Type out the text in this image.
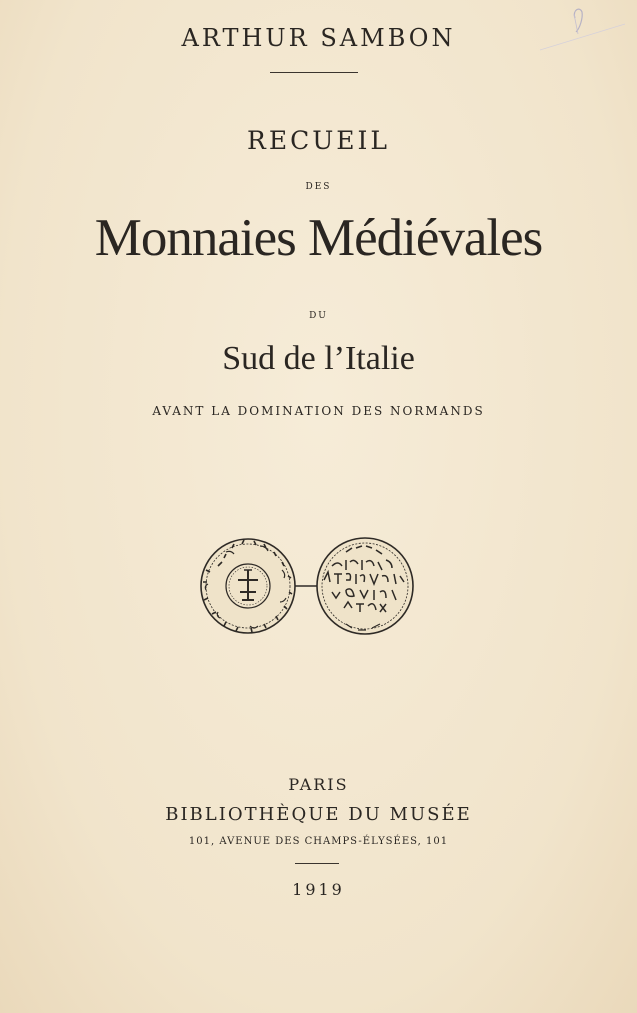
ARTHUR SAMBON
RECUEIL
DES
Monnaies Médiévales
DU
Sud de l’Italie
AVANT LA DOMINATION DES NORMANDS
PARIS
BIBLIOTHÈQUE DU MUSÉE
101, AVENUE DES CHAMPS-ÉLYSÉES, 101
1919
